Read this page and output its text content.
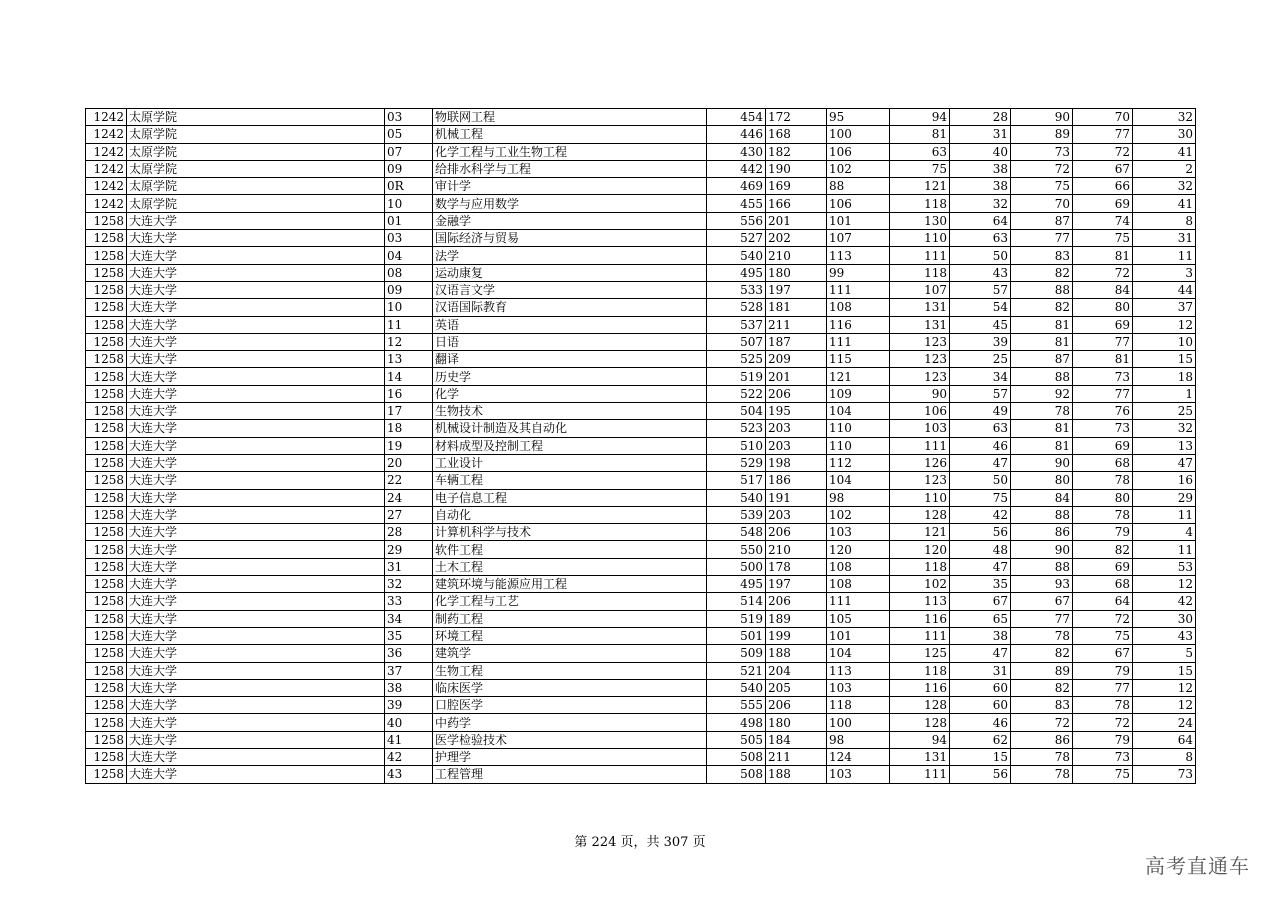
1242	太原学院	03	物联网工程	454	172	95	94	28	90	70	32
1242	太原学院	05	机械工程	446	168	100	81	31	89	77	30
1242	太原学院	07	化学工程与工业生物工程	430	182	106	63	40	73	72	41
1242	太原学院	09	给排水科学与工程	442	190	102	75	38	72	67	2
1242	太原学院	0R	审计学	469	169	88	121	38	75	66	32
1242	太原学院	10	数学与应用数学	455	166	106	118	32	70	69	41
1258	大连大学	01	金融学	556	201	101	130	64	87	74	8
1258	大连大学	03	国际经济与贸易	527	202	107	110	63	77	75	31
1258	大连大学	04	法学	540	210	113	111	50	83	81	11
1258	大连大学	08	运动康复	495	180	99	118	43	82	72	3
1258	大连大学	09	汉语言文学	533	197	111	107	57	88	84	44
1258	大连大学	10	汉语国际教育	528	181	108	131	54	82	80	37
1258	大连大学	11	英语	537	211	116	131	45	81	69	12
1258	大连大学	12	日语	507	187	111	123	39	81	77	10
1258	大连大学	13	翻译	525	209	115	123	25	87	81	15
1258	大连大学	14	历史学	519	201	121	123	34	88	73	18
1258	大连大学	16	化学	522	206	109	90	57	92	77	1
1258	大连大学	17	生物技术	504	195	104	106	49	78	76	25
1258	大连大学	18	机械设计制造及其自动化	523	203	110	103	63	81	73	32
1258	大连大学	19	材料成型及控制工程	510	203	110	111	46	81	69	13
1258	大连大学	20	工业设计	529	198	112	126	47	90	68	47
1258	大连大学	22	车辆工程	517	186	104	123	50	80	78	16
1258	大连大学	24	电子信息工程	540	191	98	110	75	84	80	29
1258	大连大学	27	自动化	539	203	102	128	42	88	78	11
1258	大连大学	28	计算机科学与技术	548	206	103	121	56	86	79	4
1258	大连大学	29	软件工程	550	210	120	120	48	90	82	11
1258	大连大学	31	土木工程	500	178	108	118	47	88	69	53
1258	大连大学	32	建筑环境与能源应用工程	495	197	108	102	35	93	68	12
1258	大连大学	33	化学工程与工艺	514	206	111	113	67	67	64	42
1258	大连大学	34	制药工程	519	189	105	116	65	77	72	30
1258	大连大学	35	环境工程	501	199	101	111	38	78	75	43
1258	大连大学	36	建筑学	509	188	104	125	47	82	67	5
1258	大连大学	37	生物工程	521	204	113	118	31	89	79	15
1258	大连大学	38	临床医学	540	205	103	116	60	82	77	12
1258	大连大学	39	口腔医学	555	206	118	128	60	83	78	12
1258	大连大学	40	中药学	498	180	100	128	46	72	72	24
1258	大连大学	41	医学检验技术	505	184	98	94	62	86	79	64
1258	大连大学	42	护理学	508	211	124	131	15	78	73	8
1258	大连大学	43	工程管理	508	188	103	111	56	78	75	73
第 224 页，共 307 页
高考直通车
